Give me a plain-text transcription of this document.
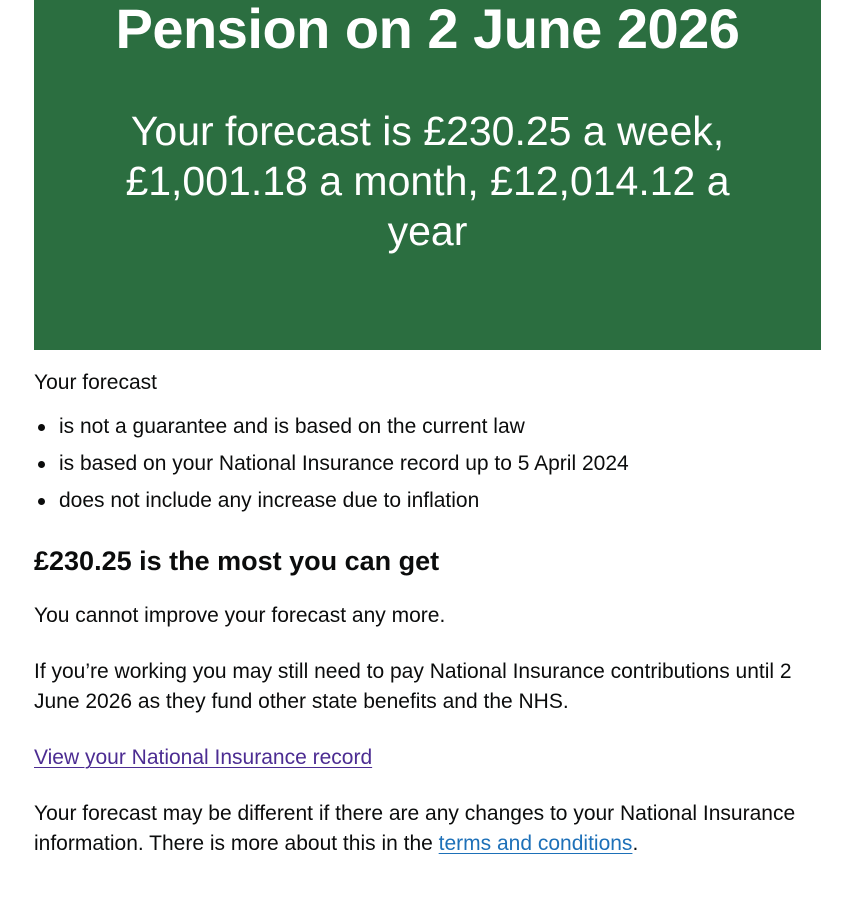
Pension on 2 June 2026
Your forecast is £230.25 a week, £1,001.18 a month, £12,014.12 a year

Your forecast

is not a guarantee and is based on the current law
is based on your National Insurance record up to 5 April 2024
does not include any increase due to inflation
£230.25 is the most you can get

You cannot improve your forecast any more.

If you’re working you may still need to pay National Insurance contributions until 2 June 2026 as they fund other state benefits and the NHS.

View your National Insurance record

Your forecast may be different if there are any changes to your National Insurance information. There is more about this in the terms and conditions.
